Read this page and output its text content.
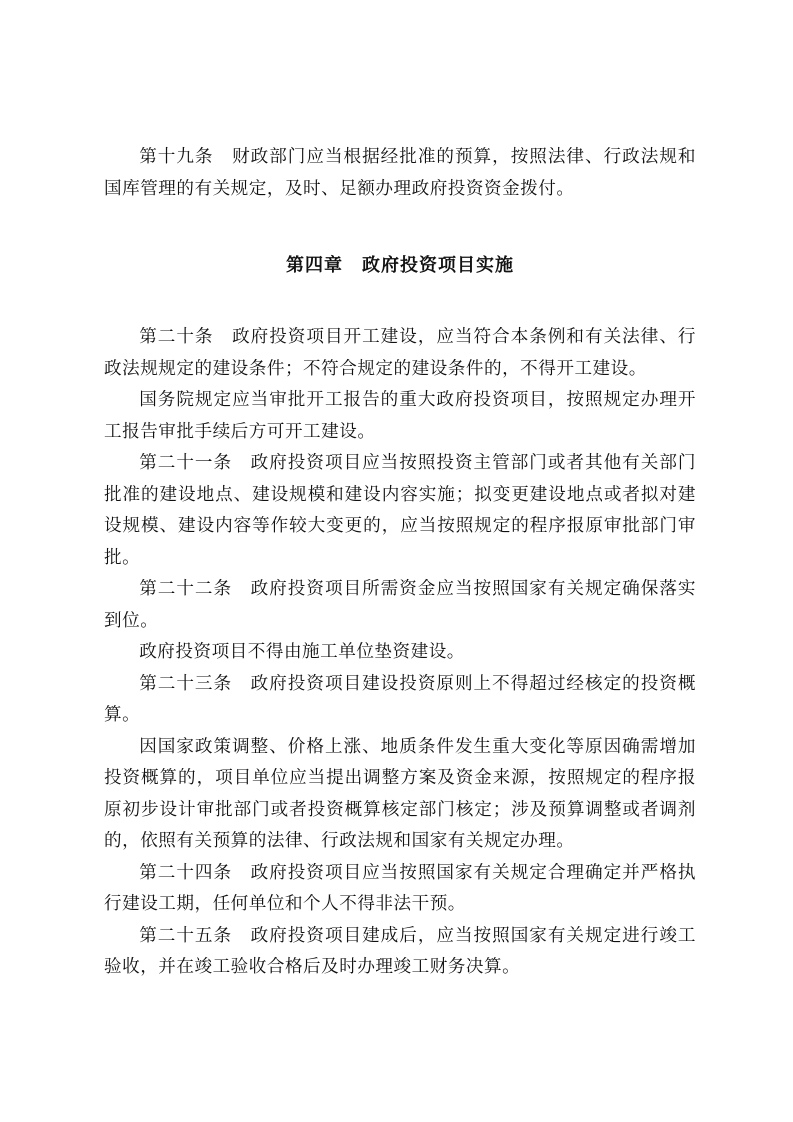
第十九条　财政部门应当根据经批准的预算，按照法律、行政法规和国库管理的有关规定，及时、足额办理政府投资资金拨付。

第四章　政府投资项目实施

第二十条　政府投资项目开工建设，应当符合本条例和有关法律、行政法规规定的建设条件；不符合规定的建设条件的，不得开工建设。

国务院规定应当审批开工报告的重大政府投资项目，按照规定办理开工报告审批手续后方可开工建设。

第二十一条　政府投资项目应当按照投资主管部门或者其他有关部门批准的建设地点、建设规模和建设内容实施；拟变更建设地点或者拟对建设规模、建设内容等作较大变更的，应当按照规定的程序报原审批部门审批。

第二十二条　政府投资项目所需资金应当按照国家有关规定确保落实到位。

政府投资项目不得由施工单位垫资建设。

第二十三条　政府投资项目建设投资原则上不得超过经核定的投资概算。

因国家政策调整、价格上涨、地质条件发生重大变化等原因确需增加投资概算的，项目单位应当提出调整方案及资金来源，按照规定的程序报原初步设计审批部门或者投资概算核定部门核定；涉及预算调整或者调剂的，依照有关预算的法律、行政法规和国家有关规定办理。

第二十四条　政府投资项目应当按照国家有关规定合理确定并严格执行建设工期，任何单位和个人不得非法干预。

第二十五条　政府投资项目建成后，应当按照国家有关规定进行竣工验收，并在竣工验收合格后及时办理竣工财务决算。
